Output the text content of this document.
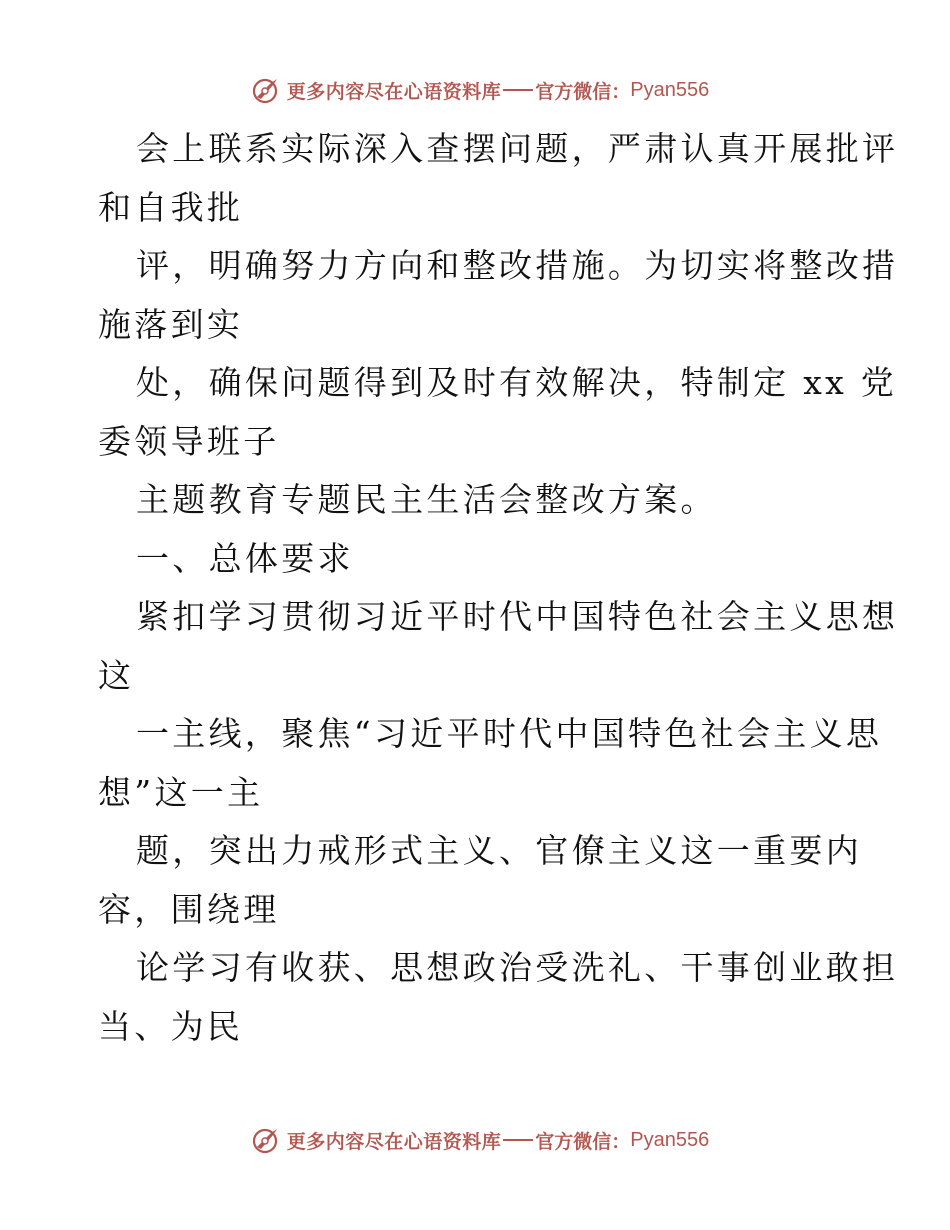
更多内容尽在心语资料库 官方微信： Pyan556
会上联系实际深入查摆问题，严肃认真开展批评
和自我批
评，明确努力方向和整改措施。为切实将整改措
施落到实
处，确保问题得到及时有效解决，特制定 xx 党
委领导班子
主题教育专题民主生活会整改方案。
一、总体要求
紧扣学习贯彻习近平时代中国特色社会主义思想
这
一主线，聚焦“习近平时代中国特色社会主义思
想”这一主
题，突出力戒形式主义、官僚主义这一重要内
容，围绕理
论学习有收获、思想政治受洗礼、干事创业敢担
当、为民
更多内容尽在心语资料库 官方微信： Pyan556
